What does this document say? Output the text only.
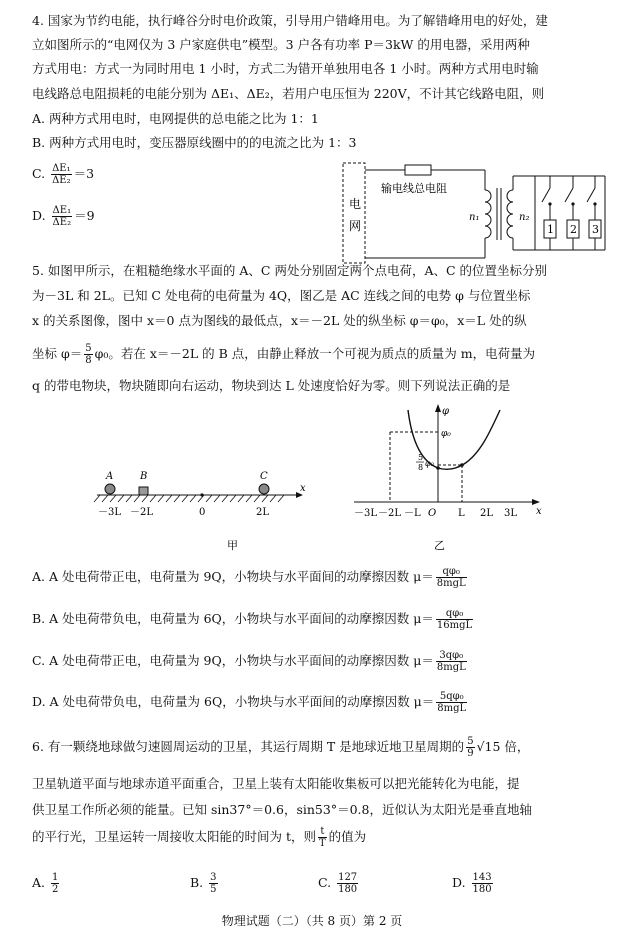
4. 国家为节约电能，执行峰谷分时电价政策，引导用户错峰用电。为了解错峰用电的好处，建
立如图所示的“电网仅为 3 户家庭供电”模型。3 户各有功率 P＝3kW 的用电器，采用两种
方式用电：方式一为同时用电 1 小时，方式二为错开单独用电各 1 小时。两种方式用电时输
电线路总电阻损耗的电能分别为 ΔE₁、ΔE₂，若用户电压恒为 220V，不计其它线路电阻，则
A. 两种方式用电时，电网提供的总电能之比为 1：1
B. 两种方式用电时，变压器原线圈中的的电流之比为 1：3
C. $\frac{\text{ΔE₁}}{\text{ΔE₂}} =3$
D. $\frac{\text{ΔE₁}}{\text{ΔE₂}} =9$
电
网
输电线总电阻
n₁	n₂
1 2 3
5. 如图甲所示，在粗糙绝缘水平面的 A、C 两处分别固定两个点电荷，A、C 的位置坐标分别
为－3L 和 2L。已知 C 处电荷的电荷量为 4Q，图乙是 AC 连线之间的电势 φ 与位置坐标
x 的关系图像，图中 x＝0 点为图线的最低点，x＝－2L 处的纵坐标 φ＝φ₀，x＝L 处的纵
坐标 $\varphi= \frac{5}{8} \varphi_0$。若在 x＝－2L 的 B 点，由静止释放一个可视为质点的质量为 m，电荷量为
q 的带电物块，物块随即向右运动，物块到达 L 处速度恰好为零。则下列说法正确的是
x
A	B	C
－3L －2L	0	2L
甲
φ
x
φ₀
5
8 φ₀
－3L －2L －L O L 2L 3L
乙
A. A 处电荷带正电，电荷量为 9Q，小物块与水平面间的动摩擦因数 $\mu= \frac{\text{qφ₀}}{\text{8mgL}}$
B. A 处电荷带负电，电荷量为 6Q，小物块与水平面间的动摩擦因数 $\mu= \frac{\text{qφ₀}}{\text{16mgL}}$
C. A 处电荷带正电，电荷量为 9Q，小物块与水平面间的动摩擦因数 $\mu= \frac{\text{3qφ₀}}{\text{8mgL}}$
D. A 处电荷带负电，电荷量为 6Q，小物块与水平面间的动摩擦因数 $\mu= \frac{\text{5qφ₀}}{\text{8mgL}}$
6. 有一颗绕地球做匀速圆周运动的卫星，其运行周期 T 是地球近地卫星周期的 $\frac{5}{9} √15$ 倍，
卫星轨道平面与地球赤道平面重合，卫星上装有太阳能收集板可以把光能转化为电能，提
供卫星工作所必须的能量。已知 sin37°＝0.6，sin53°＝0.8，近似认为太阳光是垂直地轴
的平行光，卫星运转一周接收太阳能的时间为 t，则 $\frac{t}{T}$ 的值为
A. $\frac{1}{2}$	B. $\frac{3}{5}$	C. $\frac{127}{180}$	D. $\frac{143}{180}$
物理试题（二）（共 8 页）第 2 页
